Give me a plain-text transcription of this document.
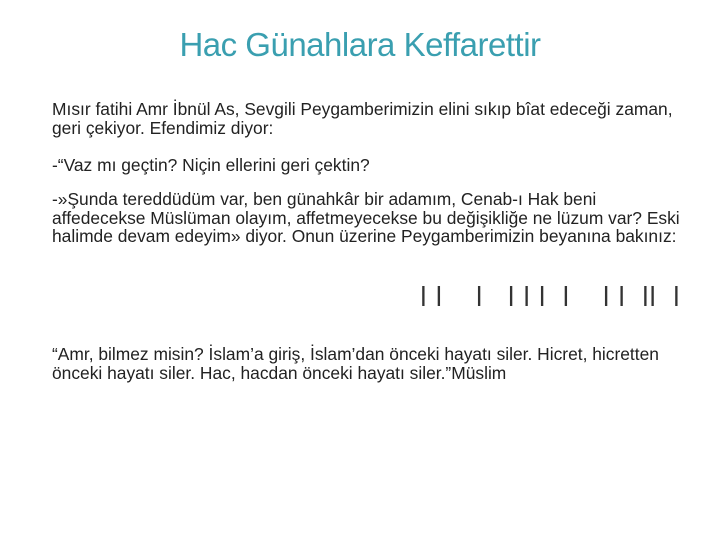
Hac Günahlara Keffarettir

Mısır fatihi Amr İbnül As, Sevgili Peygamberimizin elini sıkıp bîat edeceği zaman, geri çekiyor. Efendimiz diyor:

-“Vaz mı geçtin? Niçin ellerini geri çektin?

-»Şunda tereddüdüm var, ben günahkâr bir adamım, Cenab-ı Hak beni affedecekse Müslüman olayım, affetmeyecekse bu değişikliğe ne lüzum var? Eski halimde devam edeyim» diyor. Onun üzerine Peygamberimizin beyanına bakınız:

ا  اا  ا ا    ا  ا ا ا   ا    ا ا

“Amr, bilmez misin? İslam’a giriş, İslam’dan önceki hayatı siler. Hicret, hicretten önceki hayatı siler. Hac, hacdan önceki hayatı siler.”Müslim
